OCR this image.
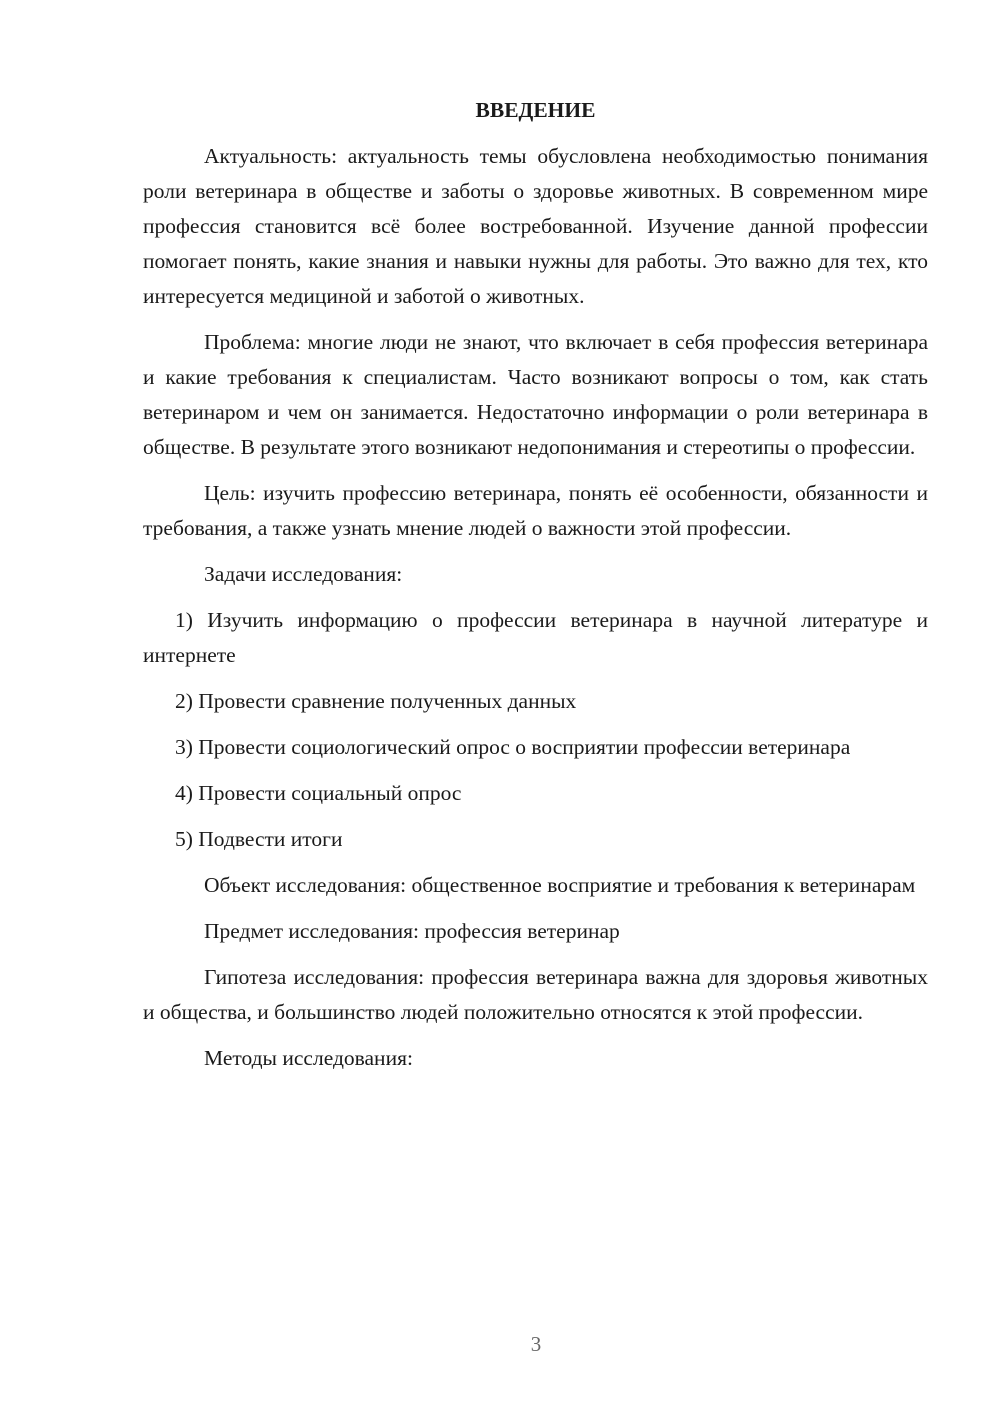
ВВЕДЕНИЕ

Актуальность: актуальность темы обусловлена необходимостью понимания роли ветеринара в обществе и заботы о здоровье животных. В современном мире профессия становится всё более востребованной. Изучение данной профессии помогает понять, какие знания и навыки нужны для работы. Это важно для тех, кто интересуется медициной и заботой о животных.

Проблема: многие люди не знают, что включает в себя профессия ветеринара и какие требования к специалистам. Часто возникают вопросы о том, как стать ветеринаром и чем он занимается. Недостаточно информации о роли ветеринара в обществе. В результате этого возникают недопонимания и стереотипы о профессии.

Цель: изучить профессию ветеринара, понять её особенности, обязанности и требования, а также узнать мнение людей о важности этой профессии.

Задачи исследования:

1) Изучить информацию о профессии ветеринара в научной литературе и интернете

2) Провести сравнение полученных данных

3) Провести социологический опрос о восприятии профессии ветеринара

4) Провести социальный опрос

5) Подвести итоги

Объект исследования: общественное восприятие и требования к ветеринарам

Предмет исследования: профессия ветеринар

Гипотеза исследования: профессия ветеринара важна для здоровья животных и общества, и большинство людей положительно относятся к этой профессии.

Методы исследования:

3
